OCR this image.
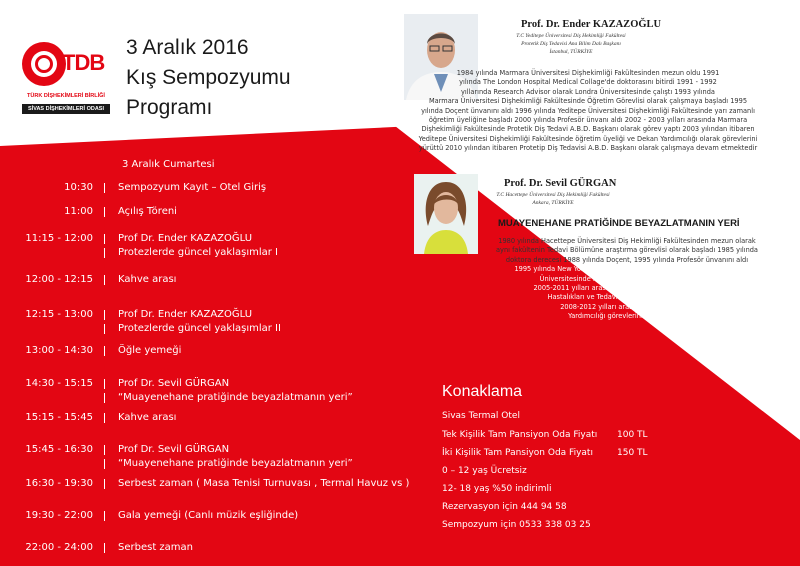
TDB
TÜRK DİŞHEKİMLERİ BİRLİĞİ
SİVAS DİŞHEKİMLERİ ODASI
3 Aralık 2016
Kış Sempozyumu
Programı
3 Aralık Cumartesi
10:30	Sempozyum Kayıt – Otel Giriş
11:00	Açılış Töreni
11:15 - 12:00	Prof Dr. Ender KAZAZOĞLU
Protezlerde güncel yaklaşımlar I
12:00 - 12:15	Kahve arası
12:15 - 13:00	Prof Dr. Ender KAZAZOĞLU
Protezlerde güncel yaklaşımlar II
13:00 - 14:30	Öğle yemeği
14:30 - 15:15	Prof Dr. Sevil GÜRGAN
“Muayenehane pratiğinde beyazlatmanın yeri”
15:15 - 15:45	Kahve arası
15:45 - 16:30	Prof Dr. Sevil GÜRGAN
“Muayenehane pratiğinde beyazlatmanın yeri”
16:30 - 19:30	Serbest zaman ( Masa Tenisi Turnuvası , Termal Havuz vs )
19:30 - 22:00	Gala yemeği (Canlı müzik eşliğinde)
22:00 - 24:00	Serbest zaman
Prof. Dr. Ender KAZAZOĞLU
T.C Yeditepe Üniversitesi Diş Hekimliği Fakültesi
Protetik Diş Tedavisi Ana Bilim Dalı Başkanı
İstanbul, TÜRKİYE
1984 yılında Marmara Üniversitesi Dişhekimliği Fakültesinden mezun oldu 1991
yılında The London Hospital Medical Collage'de doktorasını bitirdi 1991 - 1992
yıllarında Research Advisor olarak Londra Üniversitesinde çalıştı 1993 yılında
Marmara Üniversitesi Dişhekimliği Fakültesinde Öğretim Görevlisi olarak çalışmaya başladı 1995
yılında Doçent ünvanını aldı 1996 yılında Yeditepe Üniversitesi Dişhekimliği Fakültesinde yarı zamanlı
öğretim üyeliğine başladı 2000 yılında Profesör ünvanı aldı 2002 - 2003 yılları arasında Marmara
Dişhekimliği Fakültesinde Protetik Diş Tedavi A.B.D. Başkanı olarak görev yaptı 2003 yılından itibaren
Yeditepe Üniversitesi Dişhekimliği Fakültesinde öğretim üyeliği ve Dekan Yardımcılığı olarak görevlerini
yürüttü 2010 yılından itibaren Protetip Diş Tedavisi A.B.D. Başkanı olarak çalışmaya devam etmektedir
Prof. Dr. Sevil GÜRGAN
T.C Hacettepe Üniversitesi Diş Hekimliği Fakültesi
Ankara, TÜRKİYE
MUAYENEHANE PRATİĞİNDE BEYAZLATMANIN YERİ
1980 yılında Hacettepe Üniversitesi Diş Hekimliği Fakültesinden mezun olarak
aynı fakültenin Tedavi Bölümüne araştırma görevlisi olarak başladı 1985 yılında
doktora derecesi 1988 yılında Doçent, 1995 yılında Profesör ünvanını aldı
1995 yılında New York Üniversitesinde, 2005 yılında İse Boston/Tufts
Üniversitesinde misafir öğretim üyesi olarak bulundu
2005-2011 yılları arasında HÜ Diş Hekimliği Fakültesi Diş
Hastalıkları ve Tedavisi Anabilim Dalı Başkanlığı,
2008-2012 yılları arasında İse HÜ Rektör
Yardımcılığı görevlerini yürütmüştür
Konaklama
Sivas Termal Otel
Tek Kişilik Tam Pansiyon Oda Fiyatı 100 TL
İki Kişilik Tam Pansiyon Oda Fiyatı	150 TL
0 – 12 yaş Ücretsiz
12- 18 yaş %50 indirimli
Rezervasyon için 444 94 58
Sempozyum için 0533 338 03 25
